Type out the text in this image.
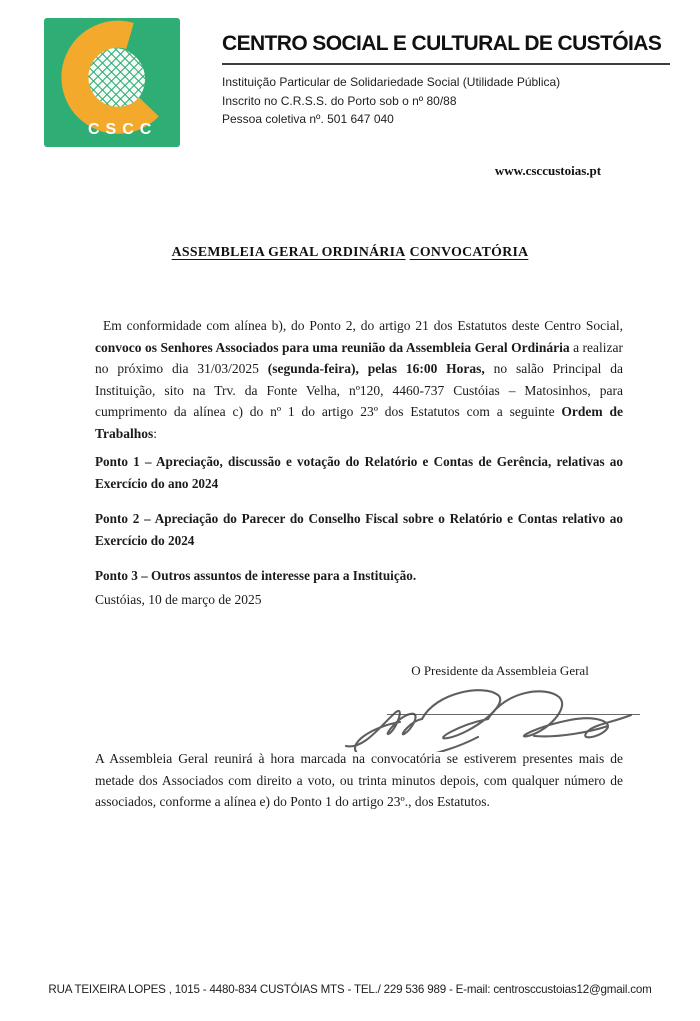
CSCC
CENTRO SOCIAL E CULTURAL DE CUSTÓIAS
Instituição Particular de Solidariedade Social (Utilidade Pública)
Inscrito no C.R.S.S. do Porto sob o nº 80/88
Pessoa coletiva nº. 501 647 040
www.csccustoias.pt
ASSEMBLEIA GERAL ORDINÁRIA CONVOCATÓRIA

Em conformidade com alínea b), do Ponto 2, do artigo 21 dos Estatutos deste Centro Social, convoco os Senhores Associados para uma reunião da Assembleia Geral Ordinária a realizar no próximo dia 31/03/2025 (segunda-feira), pelas 16:00 Horas, no salão Principal da Instituição, sito na Trv. da Fonte Velha, nº120, 4460-737 Custóias – Matosinhos, para cumprimento da alínea c) do nº 1 do artigo 23º dos Estatutos com a seguinte Ordem de Trabalhos:

Ponto 1 – Apreciação, discussão e votação do Relatório e Contas de Gerência, relativas ao Exercício do ano 2024

Ponto 2 – Apreciação do Parecer do Conselho Fiscal sobre o Relatório e Contas relativo ao Exercício do 2024

Ponto 3 – Outros assuntos de interesse para a Instituição.

Custóias, 10 de março de 2025
O Presidente da Assembleia Geral

A Assembleia Geral reunirá à hora marcada na convocatória se estiverem presentes mais de metade dos Associados com direito a voto, ou trinta minutos depois, com qualquer número de associados, conforme a alínea e) do Ponto 1 do artigo 23º., dos Estatutos.

RUA TEIXEIRA LOPES , 1015 - 4480-834 CUSTÓIAS MTS - TEL./ 229 536 989 - E-mail: centrosccustoias12@gmail.com
